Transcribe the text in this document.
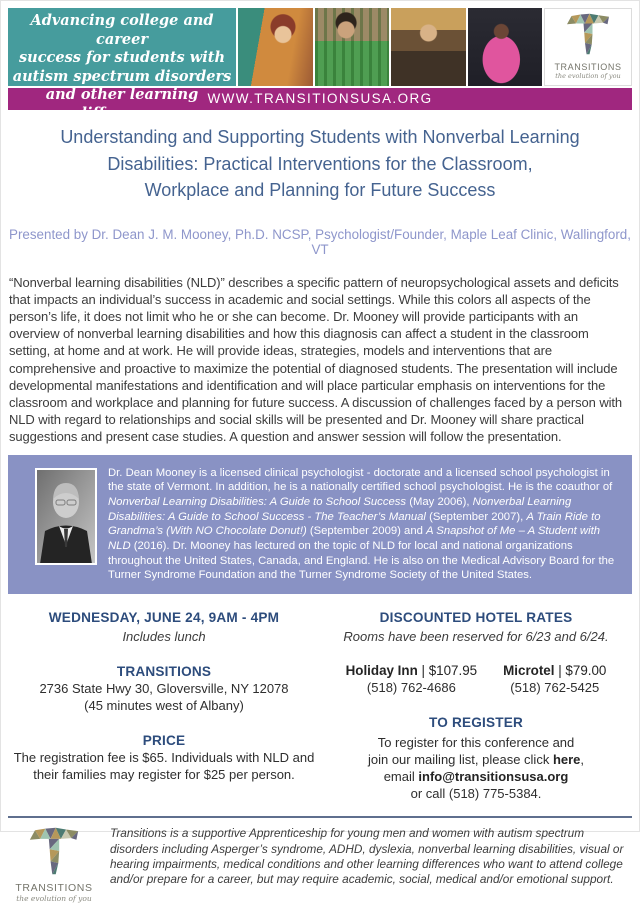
Advancing college and career
success for students with
autism spectrum disorders
and other learning differences
TRANSITIONS
the evolution of you
WWW.TRANSITIONSUSA.ORG
Understanding and Supporting Students with Nonverbal Learning
Disabilities: Practical Interventions for the Classroom,
Workplace and Planning for Future Success
Presented by Dr. Dean J. M. Mooney, Ph.D. NCSP, Psychologist/Founder, Maple Leaf Clinic, Wallingford, VT

“Nonverbal learning disabilities (NLD)” describes a specific pattern of neuropsychological assets and deficits that impacts an individual’s success in academic and social settings. While this colors all aspects of the person’s life, it does not limit who he or she can become. Dr. Mooney will provide participants with an overview of nonverbal learning disabilities and how this diagnosis can affect a student in the classroom setting, at home and at work. He will provide ideas, strategies, models and interventions that are comprehensive and proactive to maximize the potential of diagnosed students. The presentation will include developmental manifestations and identification and will place particular emphasis on interventions for the classroom and workplace and planning for future success. A discussion of challenges faced by a person with NLD with regard to relationships and social skills will be presented and Dr. Mooney will share practical suggestions and present case studies. A question and answer session will follow the presentation.

Dr. Dean Mooney is a licensed clinical psychologist - doctorate and a licensed school psychologist in the state of Vermont. In addition, he is a nationally certified school psychologist. He is the coauthor of Nonverbal Learning Disabilities: A Guide to School Success (May 2006), Nonverbal Learning Disabilities: A Guide to School Success - The Teacher’s Manual (September 2007), A Train Ride to Grandma’s (With NO Chocolate Donut!) (September 2009) and A Snapshot of Me – A Student with NLD (2016). Dr. Mooney has lectured on the topic of NLD for local and national organizations throughout the United States, Canada, and England. He is also on the Medical Advisory Board for the Turner Syndrome Foundation and the Turner Syndrome Society of the United States.

WEDNESDAY, JUNE 24, 9AM - 4PM
Includes lunch
TRANSITIONS
2736 State Hwy 30, Gloversville, NY 12078
(45 minutes west of Albany)
PRICE
The registration fee is $65. Individuals with NLD and
their families may register for $25 per person.
DISCOUNTED HOTEL RATES
Rooms have been reserved for 6/23 and 6/24.
Holiday Inn | $107.95
(518) 762-4686
Microtel | $79.00
(518) 762-5425
TO REGISTER
To register for this conference and
join our mailing list, please click here,
email info@transitionsusa.org
or call (518) 775-5384.
TRANSITIONS
the evolution of you

Transitions is a supportive Apprenticeship for young men and women with autism spectrum disorders including Asperger’s syndrome, ADHD, dyslexia, nonverbal learning disabilities, visual or hearing impairments, medical conditions and other learning differences who want to attend college and/or prepare for a career, but may require academic, social, medical and/or emotional support.
